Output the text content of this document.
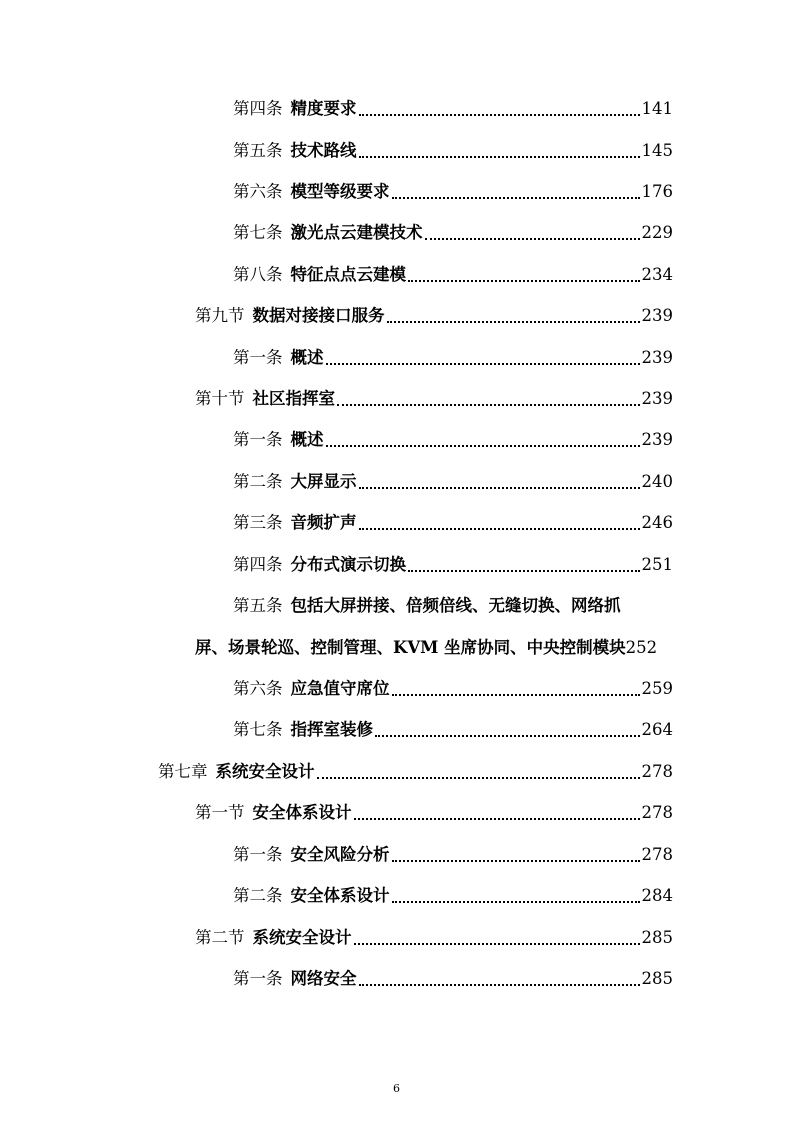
第四条 精度要求	141
第五条 技术路线	145
第六条 模型等级要求	176
第七条 激光点云建模技术	229
第八条 特征点点云建模	234
第九节 数据对接接口服务	239
第一条 概述	239
第十节 社区指挥室	239
第一条 概述	239
第二条 大屏显示	240
第三条 音频扩声	246
第四条 分布式演示切换	251
第五条 包括大屏拼接、倍频倍线、无缝切换、网络抓
屏、场景轮巡、控制管理、KVM 坐席协同、中央控制模块252
第六条 应急值守席位	259
第七条 指挥室装修	264
第七章 系统安全设计	278
第一节 安全体系设计	278
第一条 安全风险分析	278
第二条 安全体系设计	284
第二节 系统安全设计	285
第一条 网络安全	285
6
